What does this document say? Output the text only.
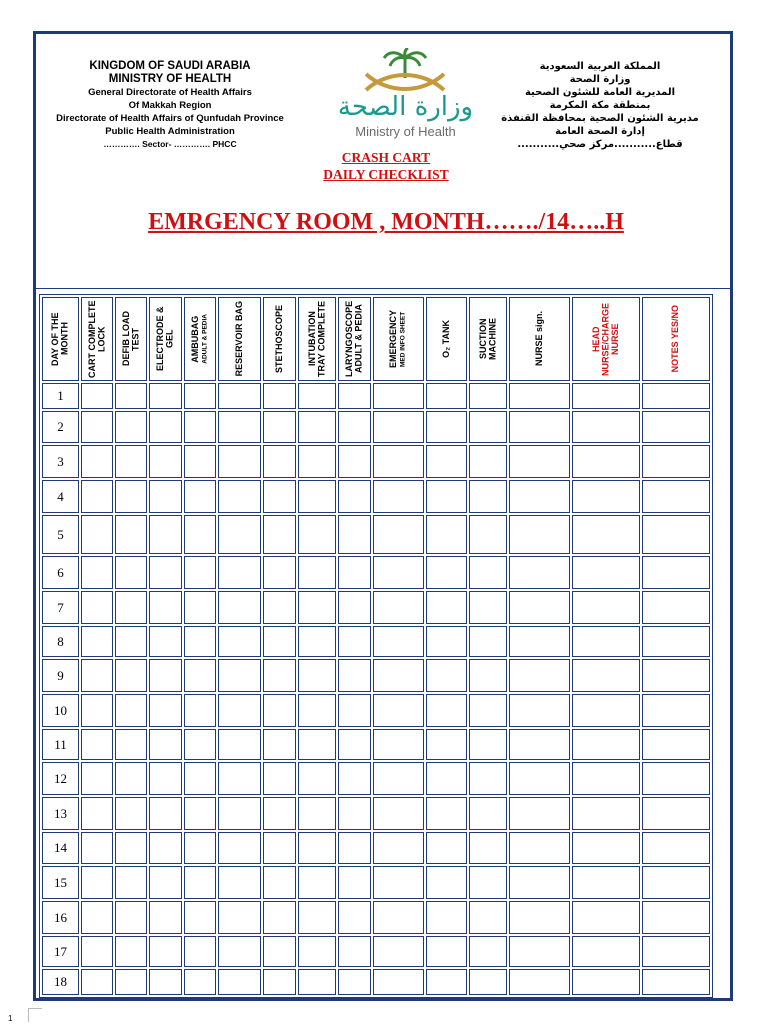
KINGDOM OF SAUDI ARABIA
MINISTRY OF HEALTH
General Directorate of Health Affairs
Of Makkah Region
Directorate of Health Affairs of Qunfudah Province
Public Health Administration
…………. Sector- …………. PHCC
وزارة الصحة
Ministry of Health
المملكة العربية السعودية
وزارة الصحة
المديرية العامة للشئون الصحية
بمنطقة مكة المكرمة
مديرية الشئون الصحية بمحافظة القنفذة
إدارة الصحة العامة
قطاع...........مركز صحي...........
CRASH CART
DAILY CHECKLIST
EMRGENCY ROOM , MONTH……./14…..H
DAY OF THE MONTH	CART COMPLETE LOCK	DEFIB LOAD TEST	ELECTRODE & GEL	AMBUBAG ADULT & PEDIA	RESERVOIR BAG	STETHOSCOPE	INTUBATION TRAY COMPLETE	LARYNGOSCOPE ADULT & PEDIA	EMERGENCY MED INFO SHEET	O₂ TANK	SUCTION MACHINE	NURSE sign.	HEAD NURSE/CHARGE NURSE	NOTES YES/NO

1														
2														
3														
4														
5														
6														
7														
8														
9														
10														
11														
12														
13														
14														
15														
16														
17														
18														
1
